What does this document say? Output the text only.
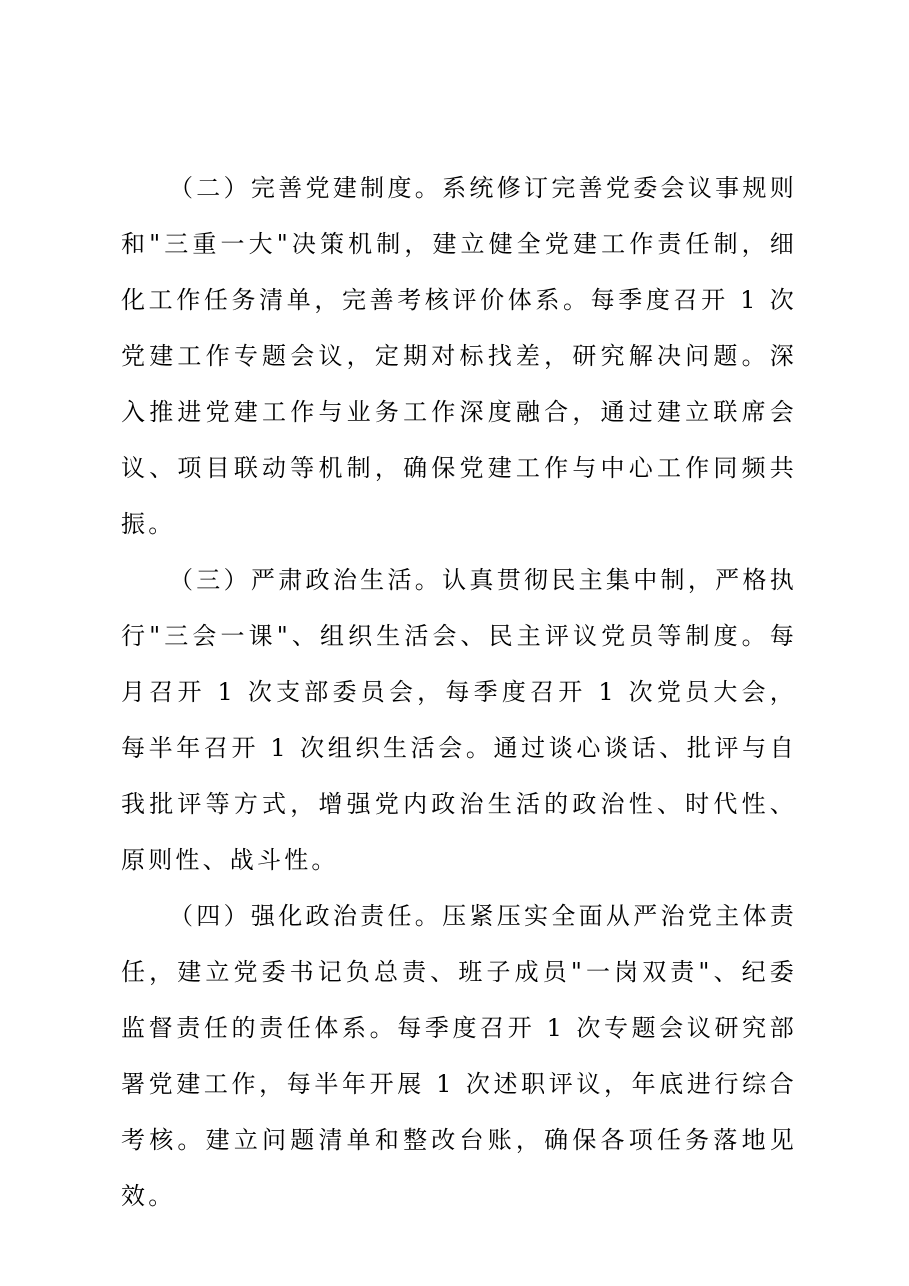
（二）完善党建制度。系统修订完善党委会议事规则和"三重一大"决策机制，建立健全党建工作责任制，细化工作任务清单，完善考核评价体系。每季度召开 1 次党建工作专题会议，定期对标找差，研究解决问题。深入推进党建工作与业务工作深度融合，通过建立联席会议、项目联动等机制，确保党建工作与中心工作同频共振。

（三）严肃政治生活。认真贯彻民主集中制，严格执行"三会一课"、组织生活会、民主评议党员等制度。每月召开 1 次支部委员会，每季度召开 1 次党员大会，每半年召开 1 次组织生活会。通过谈心谈话、批评与自我批评等方式，增强党内政治生活的政治性、时代性、原则性、战斗性。

（四）强化政治责任。压紧压实全面从严治党主体责任，建立党委书记负总责、班子成员"一岗双责"、纪委监督责任的责任体系。每季度召开 1 次专题会议研究部署党建工作，每半年开展 1 次述职评议，年底进行综合考核。建立问题清单和整改台账，确保各项任务落地见效。
